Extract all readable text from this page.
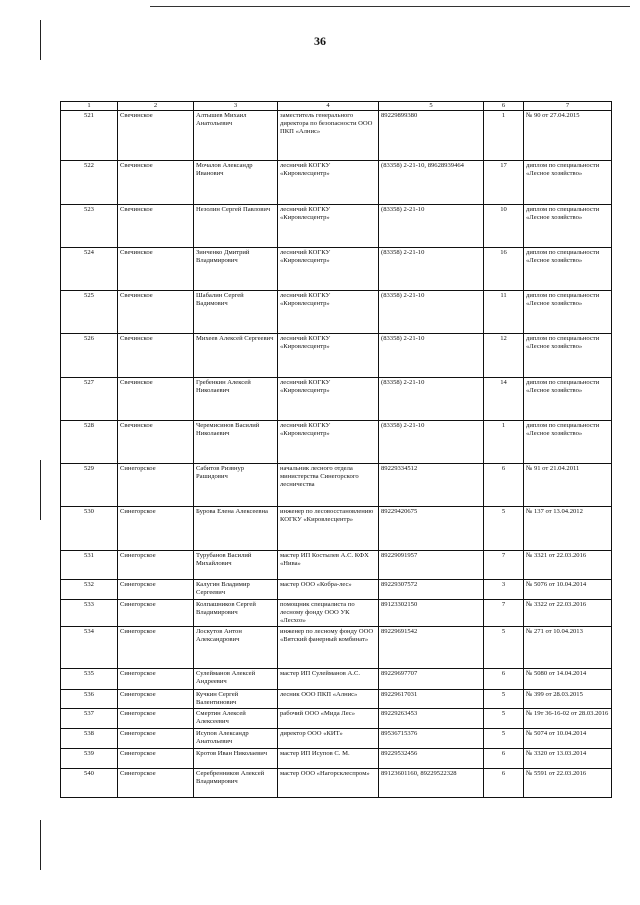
36
1	2	3	4	5	6	7
521	Свечинское	Алтышев Михаил Анатольевич	заместитель генерального директора по безопасности ООО ПКП «Алнис»	89229899380	1	№ 90 от 27.04.2015
522	Свечинское	Мочалов Александр Иванович	лесничий КОГКУ «Кировлесцентр»	(83358) 2-21-10, 89628939464	17	диплом по специальности «Лесное хозяйство»
523	Свечинское	Незолин Сергей Павлович	лесничий КОГКУ «Кировлесцентр»	(83358) 2-21-10	10	диплом по специальности «Лесное хозяйство»
524	Свечинское	Зинченко Дмитрий Владимирович	лесничий КОГКУ «Кировлесцентр»	(83358) 2-21-10	16	диплом по специальности «Лесное хозяйство»
525	Свечинское	Шабалин Сергей Вадимович	лесничий КОГКУ «Кировлесцентр»	(83358) 2-21-10	11	диплом по специальности «Лесное хозяйство»
526	Свечинское	Михеев Алексей Сергеевич	лесничий КОГКУ «Кировлесцентр»	(83358) 2-21-10	12	диплом по специальности «Лесное хозяйство»
527	Свечинское	Гребенкин Алексей Николаевич	лесничий КОГКУ «Кировлесцентр»	(83358) 2-21-10	14	диплом по специальности «Лесное хозяйство»
528	Свечинское	Черемисинов Василий Николаевич	лесничий КОГКУ «Кировлесцентр»	(83358) 2-21-10	1	диплом по специальности «Лесное хозяйство»
529	Синегорское	Сабитов Ризвнур Рашидович	начальник лесного отдела министерства Синегорского лесничества	89229334512	6	№ 91 от 21.04.2011
530	Синегорское	Бурова Елена Алексеевна	инженер по лесовосстановлению КОГКУ «Кировлесцентр»	89229420675	5	№ 137 от 13.04.2012
531	Синегорское	Турубанов Василий Михайлович	мастер ИП Костылев А.С. КФХ «Нива»	89229091957	7	№ 3321 от 22.03.2016
532	Синегорское	Калугин Владимир Сергеевич	мастер ООО «Кобра-лес»	89229307572	3	№ 5076 от 10.04.2014
533	Синегорское	Колпашников Сергей Владимирович	помощник специалиста по лесному фонду ООО УК «Лесхоз»	89123302150	7	№ 3322 от 22.03.2016
534	Синегорское	Лоскутов Антон Александрович	инженер по лесному фонду ООО «Вятский фанерный комбинат»	89229691542	5	№ 271 от 10.04.2013
535	Синегорское	Сулейманов Алексей Андреевич	мастер ИП Сулейманов А.С.	89229697707	6	№ 5080 от 14.04.2014
536	Синегорское	Кучкин Сергей Валентинович	лесник ООО ПКП «Алнис»	89229617031	5	№ 399 от 28.03.2015
537	Синегорское	Смертин Алексей Алексеевич	рабочий ООО «Мида Лес»	89229263453	5	№ 19т 36-16-02 от 28.03.2016
538	Синегорское	Исупов Александр Анатольевич	директор ООО «КИТ»	89536715376	5	№ 5074 от 10.04.2014
539	Синегорское	Кротов Иван Николаевич	мастер ИП Исупов С. М.	89229532456	6	№ 3320 от 13.03.2014
540	Синегорское	Серебренников Алексей Владимирович	мастер ООО «Нагорсклеспром»	89123601160, 89229522328	6	№ 5591 от 22.03.2016
